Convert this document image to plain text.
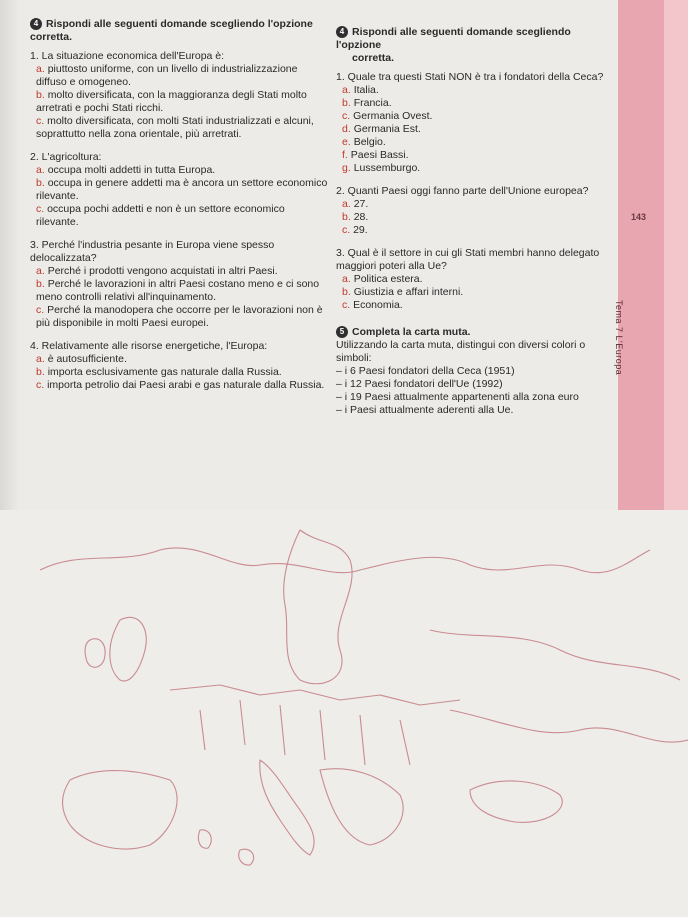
143
Tema 7 L'Europa
4 Rispondi alle seguenti domande scegliendo l'opzione
corretta.
1. La situazione economica dell'Europa è:
a. piuttosto uniforme, con un livello di industrializzazione diffuso e omogeneo.
b. molto diversificata, con la maggioranza degli Stati molto arretrati e pochi Stati ricchi.
c. molto diversificata, con molti Stati industrializzati e alcuni, soprattutto nella zona orientale, più arretrati.
2. L'agricoltura:
a. occupa molti addetti in tutta Europa.
b. occupa in genere addetti ma è ancora un settore economico rilevante.
c. occupa pochi addetti e non è un settore economico rilevante.
3. Perché l'industria pesante in Europa viene spesso delocalizzata?
a. Perché i prodotti vengono acquistati in altri Paesi.
b. Perché le lavorazioni in altri Paesi costano meno e ci sono meno controlli relativi all'inquinamento.
c. Perché la manodopera che occorre per le lavorazioni non è più disponibile in molti Paesi europei.
4. Relativamente alle risorse energetiche, l'Europa:
a. è autosufficiente.
b. importa esclusivamente gas naturale dalla Russia.
c. importa petrolio dai Paesi arabi e gas naturale dalla Russia.
4 Rispondi alle seguenti domande scegliendo l'opzione
corretta.
1. Quale tra questi Stati NON è tra i fondatori della Ceca?
a. Italia.
b. Francia.
c. Germania Ovest.
d. Germania Est.
e. Belgio.
f. Paesi Bassi.
g. Lussemburgo.
2. Quanti Paesi oggi fanno parte dell'Unione europea?
a. 27.
b. 28.
c. 29.
3. Qual è il settore in cui gli Stati membri hanno delegato maggiori poteri alla Ue?
a. Politica estera.
b. Giustizia e affari interni.
c. Economia.
5 Completa la carta muta.
Utilizzando la carta muta, distingui con diversi colori o simboli:
– i 6 Paesi fondatori della Ceca (1951)
– i 12 Paesi fondatori dell'Ue (1992)
– i 19 Paesi attualmente appartenenti alla zona euro
– i Paesi attualmente aderenti alla Ue.
